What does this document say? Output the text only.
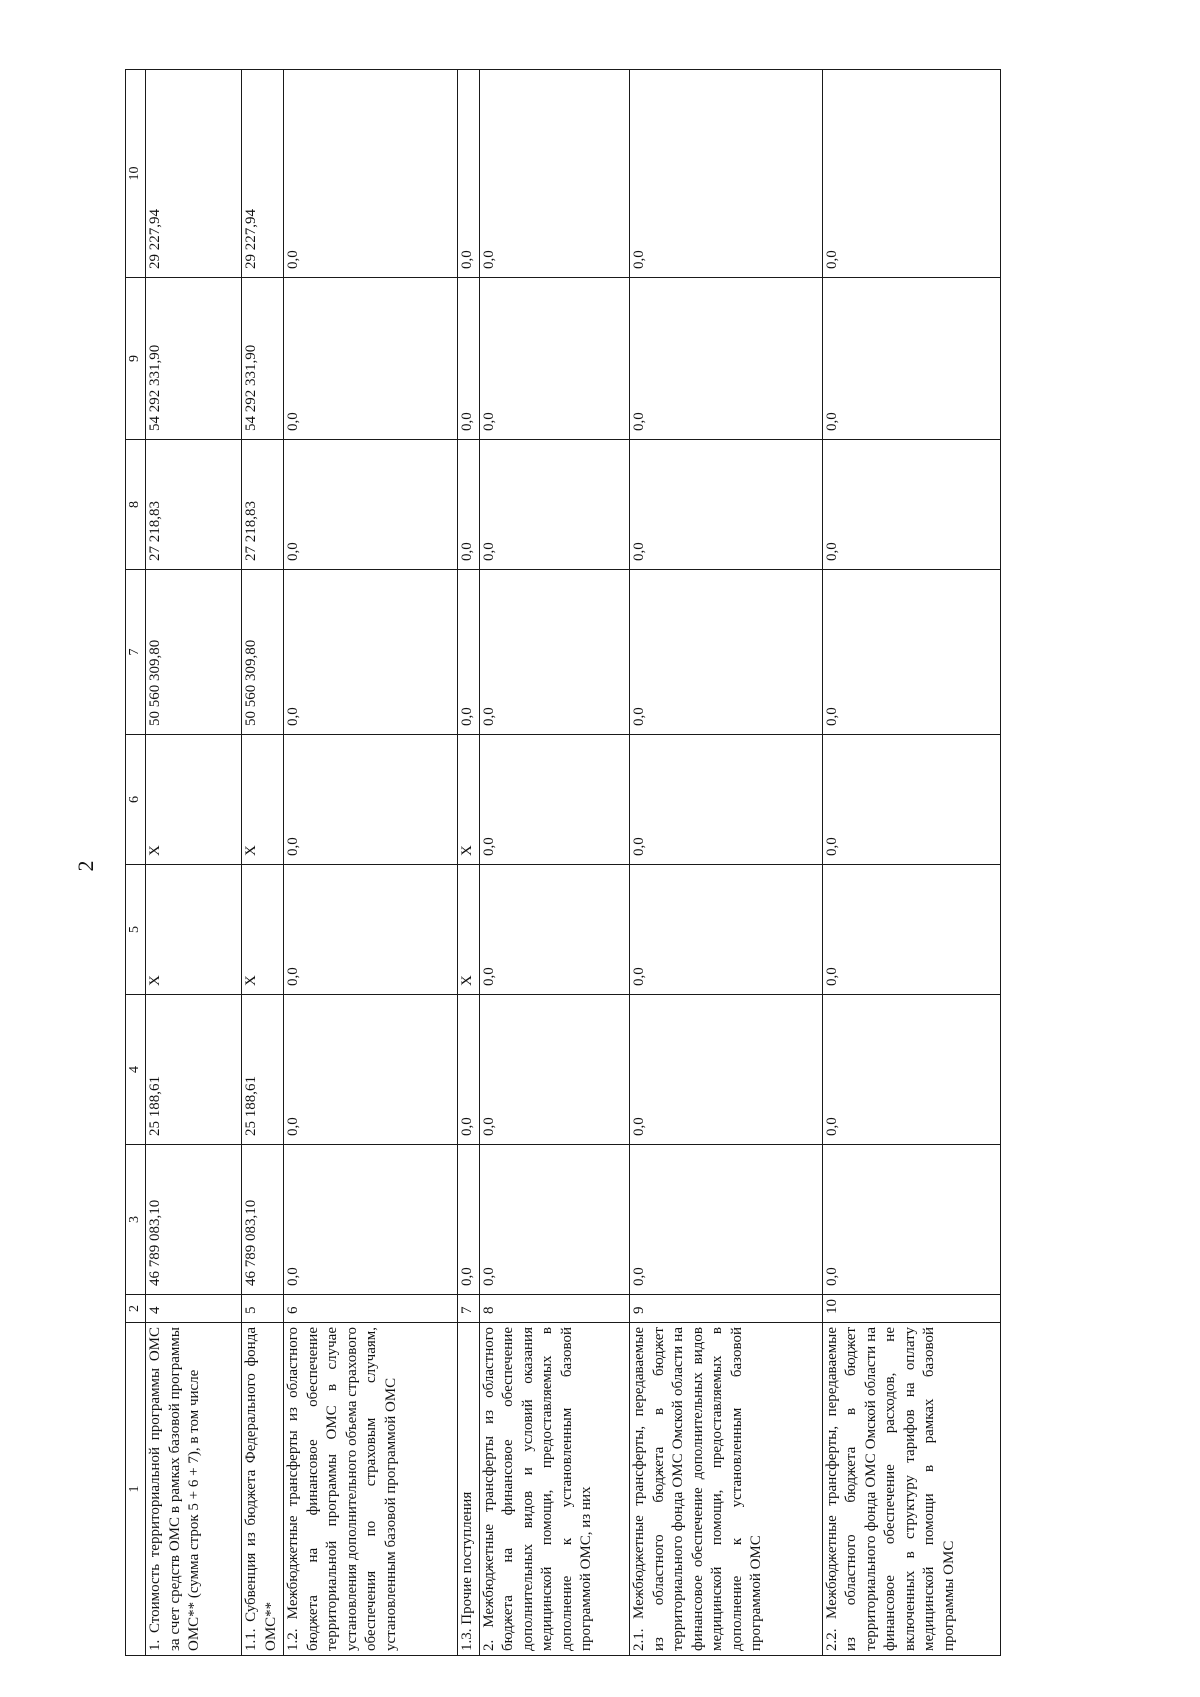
2
1	2	3	4	5	6	7	8	9	10
1. Стоимость территориальной программы ОМС за счет средств ОМС в рамках базовой программы ОМС** (сумма строк 5 + 6 + 7), в том числе	4	46 789 083,10	25 188,61	Х	Х	50 560 309,80	27 218,83	54 292 331,90	29 227,94
1.1. Субвенция из бюджета Федерального фонда ОМС**	5	46 789 083,10	25 188,61	Х	Х	50 560 309,80	27 218,83	54 292 331,90	29 227,94
1.2. Межбюджетные трансферты из областного бюджета на финансовое обеспечение территориальной программы ОМС в случае установления дополнительного объема страхового обеспечения по страховым случаям, установленным базовой программой ОМС	6	0,0	0,0	0,0	0,0	0,0	0,0	0,0	0,0
1.3. Прочие поступления	7	0,0	0,0	Х	Х	0,0	0,0	0,0	0,0
2. Межбюджетные трансферты из областного бюджета на финансовое обеспечение дополнительных видов и условий оказания медицинской помощи, предоставляемых в дополнение к установленным базовой программой ОМС, из них	8	0,0	0,0	0,0	0,0	0,0	0,0	0,0	0,0
2.1. Межбюджетные трансферты, передаваемые из областного бюджета в бюджет территориального фонда ОМС Омской области на финансовое обеспечение дополнительных видов медицинской помощи, предоставляемых в дополнение к установленным базовой программой ОМС	9	0,0	0,0	0,0	0,0	0,0	0,0	0,0	0,0
2.2. Межбюджетные трансферты, передаваемые из областного бюджета в бюджет территориального фонда ОМС Омской области на финансовое обеспечение расходов, не включенных в структуру тарифов на оплату медицинской помощи в рамках базовой программы ОМС	10	0,0	0,0	0,0	0,0	0,0	0,0	0,0	0,0
